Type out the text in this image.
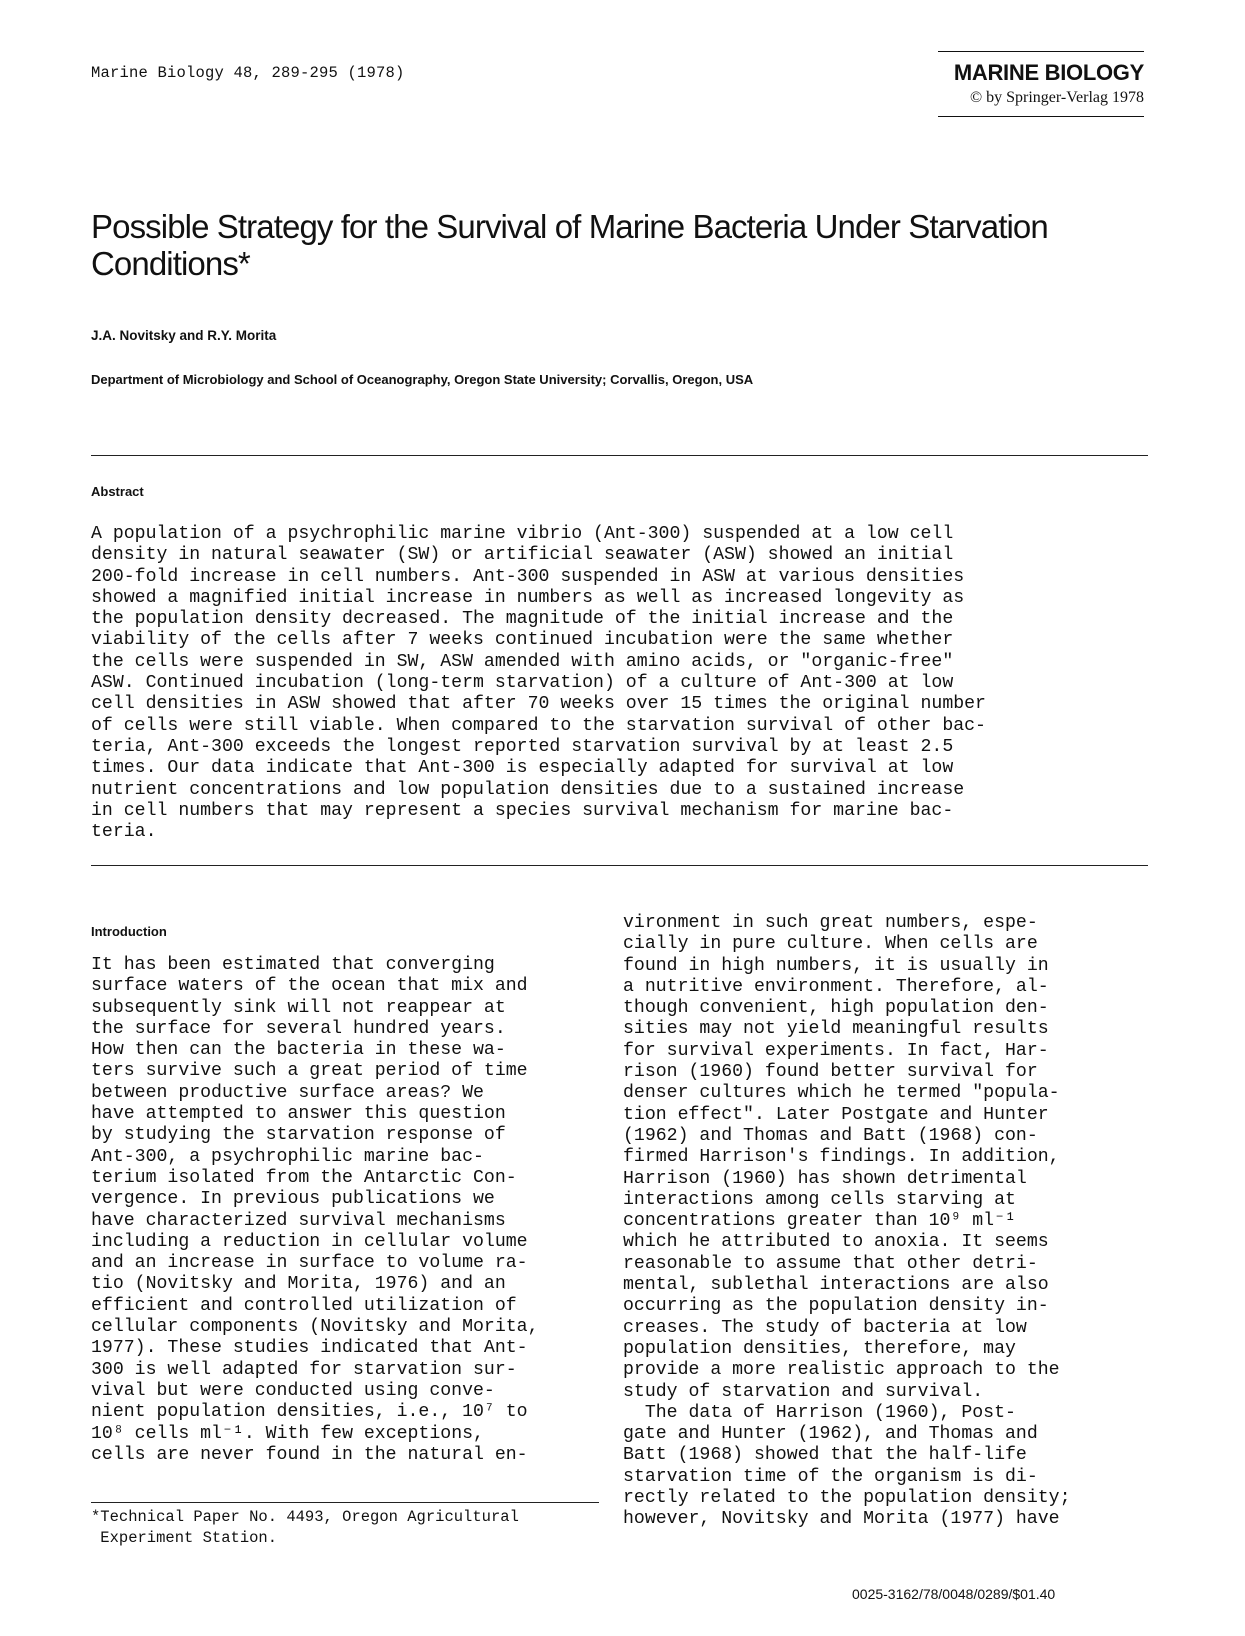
Marine Biology 48, 289-295 (1978)	MARINE BIOLOGY
© by Springer-Verlag 1978
Possible Strategy for the Survival of Marine Bacteria Under Starvation
Conditions*
J.A. Novitsky and R.Y. Morita
Department of Microbiology and School of Oceanography, Oregon State University; Corvallis, Oregon, USA
Abstract
A population of a psychrophilic marine vibrio (Ant-300) suspended at a low cell
density in natural seawater (SW) or artificial seawater (ASW) showed an initial
200-fold increase in cell numbers. Ant-300 suspended in ASW at various densities
showed a magnified initial increase in numbers as well as increased longevity as
the population density decreased. The magnitude of the initial increase and the
viability of the cells after 7 weeks continued incubation were the same whether
the cells were suspended in SW, ASW amended with amino acids, or "organic-free"
ASW. Continued incubation (long-term starvation) of a culture of Ant-300 at low
cell densities in ASW showed that after 70 weeks over 15 times the original number
of cells were still viable. When compared to the starvation survival of other bac-
teria, Ant-300 exceeds the longest reported starvation survival by at least 2.5
times. Our data indicate that Ant-300 is especially adapted for survival at low
nutrient concentrations and low population densities due to a sustained increase
in cell numbers that may represent a species survival mechanism for marine bac-
teria.
Introduction
It has been estimated that converging
surface waters of the ocean that mix and
subsequently sink will not reappear at
the surface for several hundred years.
How then can the bacteria in these wa-
ters survive such a great period of time
between productive surface areas? We
have attempted to answer this question
by studying the starvation response of
Ant-300, a psychrophilic marine bac-
terium isolated from the Antarctic Con-
vergence. In previous publications we
have characterized survival mechanisms
including a reduction in cellular volume
and an increase in surface to volume ra-
tio (Novitsky and Morita, 1976) and an
efficient and controlled utilization of
cellular components (Novitsky and Morita,
1977). These studies indicated that Ant-
300 is well adapted for starvation sur-
vival but were conducted using conve-
nient population densities, i.e., 10⁷ to
10⁸ cells ml⁻¹. With few exceptions,
cells are never found in the natural en-
vironment in such great numbers, espe-
cially in pure culture. When cells are
found in high numbers, it is usually in
a nutritive environment. Therefore, al-
though convenient, high population den-
sities may not yield meaningful results
for survival experiments. In fact, Har-
rison (1960) found better survival for
denser cultures which he termed "popula-
tion effect". Later Postgate and Hunter
(1962) and Thomas and Batt (1968) con-
firmed Harrison's findings. In addition,
Harrison (1960) has shown detrimental
interactions among cells starving at
concentrations greater than 10⁹ ml⁻¹
which he attributed to anoxia. It seems
reasonable to assume that other detri-
mental, sublethal interactions are also
occurring as the population density in-
creases. The study of bacteria at low
population densities, therefore, may
provide a more realistic approach to the
study of starvation and survival.
The data of Harrison (1960), Post-
gate and Hunter (1962), and Thomas and
Batt (1968) showed that the half-life
starvation time of the organism is di-
rectly related to the population density;
however, Novitsky and Morita (1977) have
*Technical Paper No. 4493, Oregon Agricultural
Experiment Station.
0025-3162/78/0048/0289/$01.40
